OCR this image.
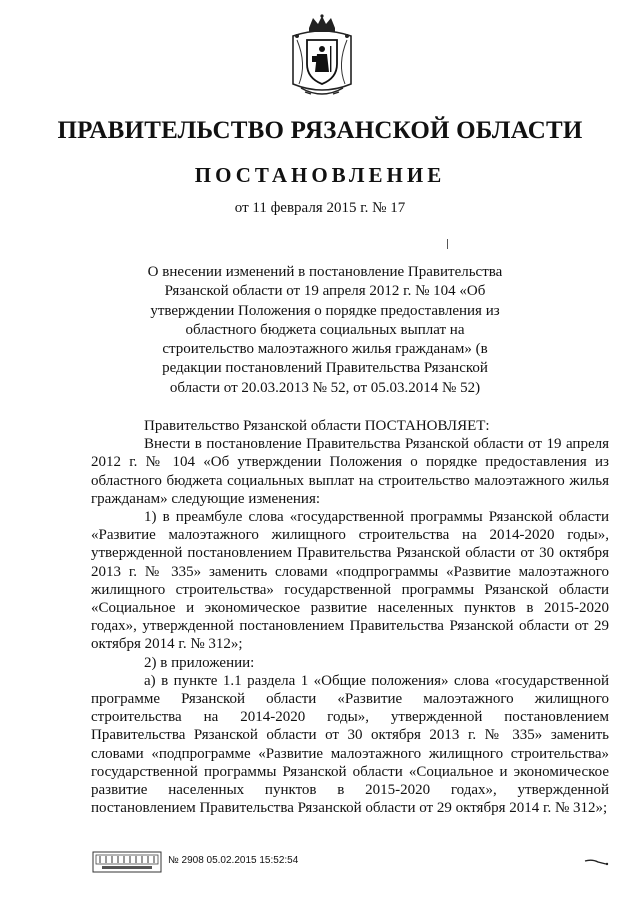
ПРАВИТЕЛЬСТВО РЯЗАНСКОЙ ОБЛАСТИ
ПОСТАНОВЛЕНИЕ
от 11 февраля 2015 г. № 17
О внесении изменений в постановление Правительства Рязанской области от 19 апреля 2012 г. № 104 «Об утверждении Положения о порядке предоставления из областного бюджета социальных выплат на строительство малоэтажного жилья гражданам» (в редакции постановлений Правительства Рязанской области от 20.03.2013 № 52, от 05.03.2014 № 52)

Правительство Рязанской области ПОСТАНОВЛЯЕТ:

Внести в постановление Правительства Рязанской области от 19 апреля 2012 г. № 104 «Об утверждении Положения о порядке предоставления из областного бюджета социальных выплат на строительство малоэтажного жилья гражданам» следующие изменения:

1) в преамбуле слова «государственной программы Рязанской области «Развитие малоэтажного жилищного строительства на 2014-2020 годы», утвержденной постановлением Правительства Рязанской области от 30 октября 2013 г. № 335» заменить словами «подпрограммы «Развитие малоэтажного жилищного строительства» государственной программы Рязанской области «Социальное и экономическое развитие населенных пунктов в 2015-2020 годах», утвержденной постановлением Правительства Рязанской области от 29 октября 2014 г. № 312»;

2) в приложении:

а) в пункте 1.1 раздела 1 «Общие положения» слова «государственной программе Рязанской области «Развитие малоэтажного жилищного строительства на 2014-2020 годы», утвержденной постановлением Правительства Рязанской области от 30 октября 2013 г. № 335» заменить словами «подпрограмме «Развитие малоэтажного жилищного строительства» государственной программы Рязанской области «Социальное и экономическое развитие населенных пунктов в 2015-2020 годах», утвержденной постановлением Правительства Рязанской области от 29 октября 2014 г. № 312»;

№ 2908 05.02.2015 15:52:54
